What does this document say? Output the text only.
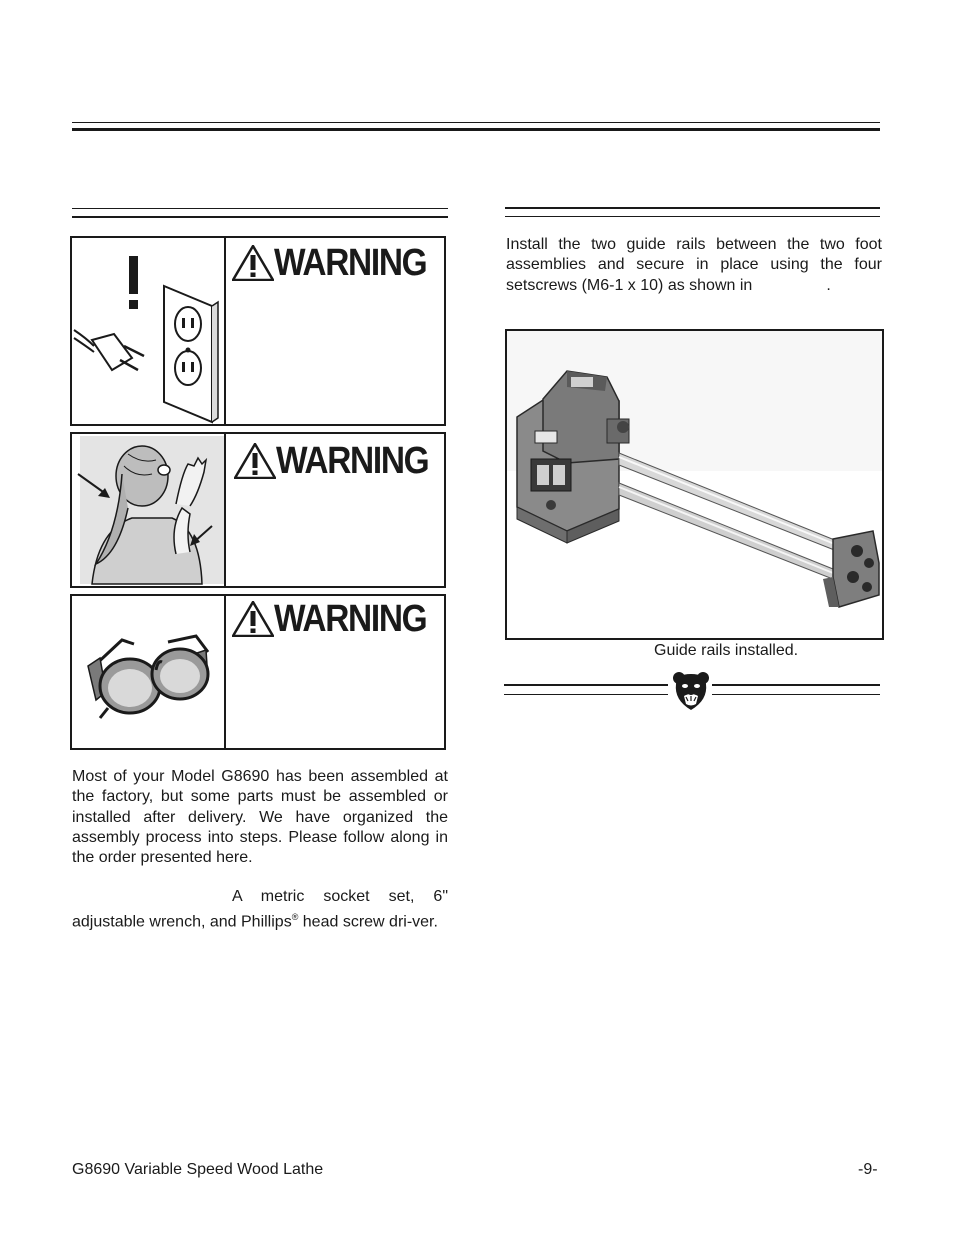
WARNING
WARNING
WARNING
Most of your Model G8690 has been assembled at the factory, but some parts must be assembled or installed after delivery. We have organized the assembly process into steps. Please follow along in the order presented here.
A metric socket set, 6" adjustable wrench, and Phillips® head screw dri-ver.
Install the two guide rails between the two foot assemblies and secure in place using the four setscrews (M6-1 x 10) as shown in	.
Guide rails installed.
G8690 Variable Speed Wood Lathe	-9-
